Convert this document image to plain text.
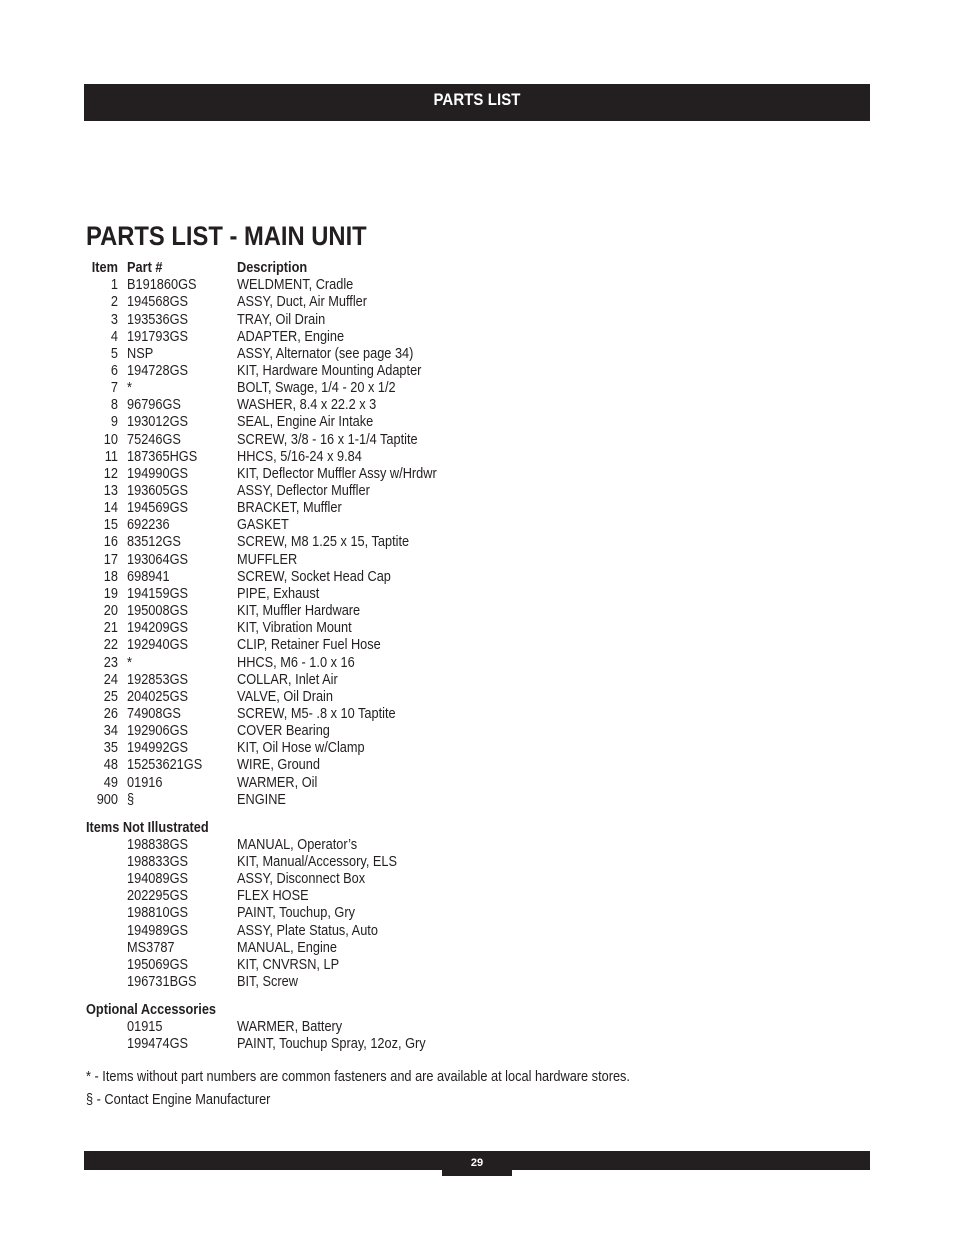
PARTS LIST
PARTS LIST - MAIN UNIT
Item Part #	Description
1 B191860GS	WELDMENT, Cradle
2 194568GS	ASSY, Duct, Air Muffler
3 193536GS	TRAY, Oil Drain
4 191793GS	ADAPTER, Engine
5 NSP	ASSY, Alternator (see page 34)
6 194728GS	KIT, Hardware Mounting Adapter
7 *	BOLT, Swage, 1/4 - 20 x 1/2
8 96796GS	WASHER, 8.4 x 22.2 x 3
9 193012GS	SEAL, Engine Air Intake
10 75246GS	SCREW, 3/8 - 16 x 1-1/4 Taptite
11 187365HGS	HHCS, 5/16-24 x 9.84
12 194990GS	KIT, Deflector Muffler Assy w/Hrdwr
13 193605GS	ASSY, Deflector Muffler
14 194569GS	BRACKET, Muffler
15 692236	GASKET
16 83512GS	SCREW, M8 1.25 x 15, Taptite
17 193064GS	MUFFLER
18 698941	SCREW, Socket Head Cap
19 194159GS	PIPE, Exhaust
20 195008GS	KIT, Muffler Hardware
21 194209GS	KIT, Vibration Mount
22 192940GS	CLIP, Retainer Fuel Hose
23 *	HHCS, M6 - 1.0 x 16
24 192853GS	COLLAR, Inlet Air
25 204025GS	VALVE, Oil Drain
26 74908GS	SCREW, M5- .8 x 10 Taptite
34 192906GS	COVER Bearing
35 194992GS	KIT, Oil Hose w/Clamp
48 15253621GS WIRE, Ground
49 01916	WARMER, Oil
900 §	ENGINE
Items Not Illustrated
198838GS	MANUAL, Operator’s
198833GS	KIT, Manual/Accessory, ELS
194089GS	ASSY, Disconnect Box
202295GS	FLEX HOSE
198810GS	PAINT, Touchup, Gry
194989GS	ASSY, Plate Status, Auto
MS3787	MANUAL, Engine
195069GS	KIT, CNVRSN, LP
196731BGS	BIT, Screw
Optional Accessories
01915	WARMER, Battery
199474GS	PAINT, Touchup Spray, 12oz, Gry
* - Items without part numbers are common fasteners and are available at local hardware stores.
§ - Contact Engine Manufacturer
29
